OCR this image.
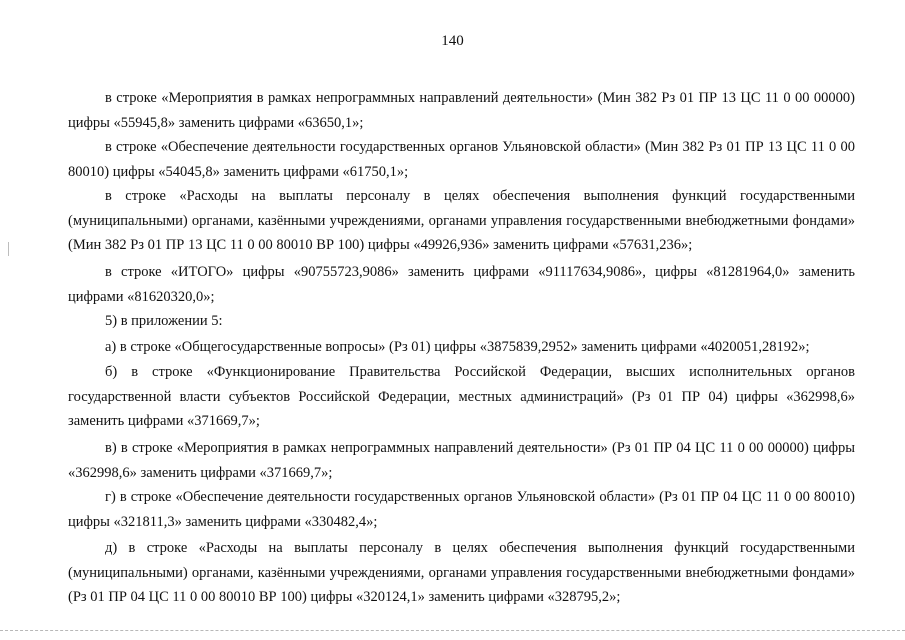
140

в строке «Мероприятия в рамках непрограммных направлений деятельности» (Мин 382 Рз 01 ПР 13 ЦС 11 0 00 00000) цифры «55945,8» заменить цифрами «63650,1»;

в строке «Обеспечение деятельности государственных органов Ульяновской области» (Мин 382 Рз 01 ПР 13 ЦС 11 0 00 80010) цифры «54045,8» заменить цифрами «61750,1»;

в строке «Расходы на выплаты персоналу в целях обеспечения выполнения функций государственными (муниципальными) органами, казёнными учреждениями, органами управления государственными внебюджетными фондами» (Мин 382 Рз 01 ПР 13 ЦС 11 0 00 80010 ВР 100) цифры «49926,936» заменить цифрами «57631,236»;

в строке «ИТОГО» цифры «90755723,9086» заменить цифрами «91117634,9086», цифры «81281964,0» заменить цифрами «81620320,0»;

5) в приложении 5:

а) в строке «Общегосударственные вопросы» (Рз 01) цифры «3875839,2952» заменить цифрами «4020051,28192»;

б) в строке «Функционирование Правительства Российской Федерации, высших исполнительных органов государственной власти субъектов Российской Федерации, местных администраций» (Рз 01 ПР 04) цифры «362998,6» заменить цифрами «371669,7»;

в) в строке «Мероприятия в рамках непрограммных направлений деятельности» (Рз 01 ПР 04 ЦС 11 0 00 00000) цифры «362998,6» заменить цифрами «371669,7»;

г) в строке «Обеспечение деятельности государственных органов Ульяновской области» (Рз 01 ПР 04 ЦС 11 0 00 80010) цифры «321811,3» заменить цифрами «330482,4»;

д) в строке «Расходы на выплаты персоналу в целях обеспечения выполнения функций государственными (муниципальными) органами, казёнными учреждениями, органами управления государственными внебюджетными фондами» (Рз 01 ПР 04 ЦС 11 0 00 80010 ВР 100) цифры «320124,1» заменить цифрами «328795,2»;
